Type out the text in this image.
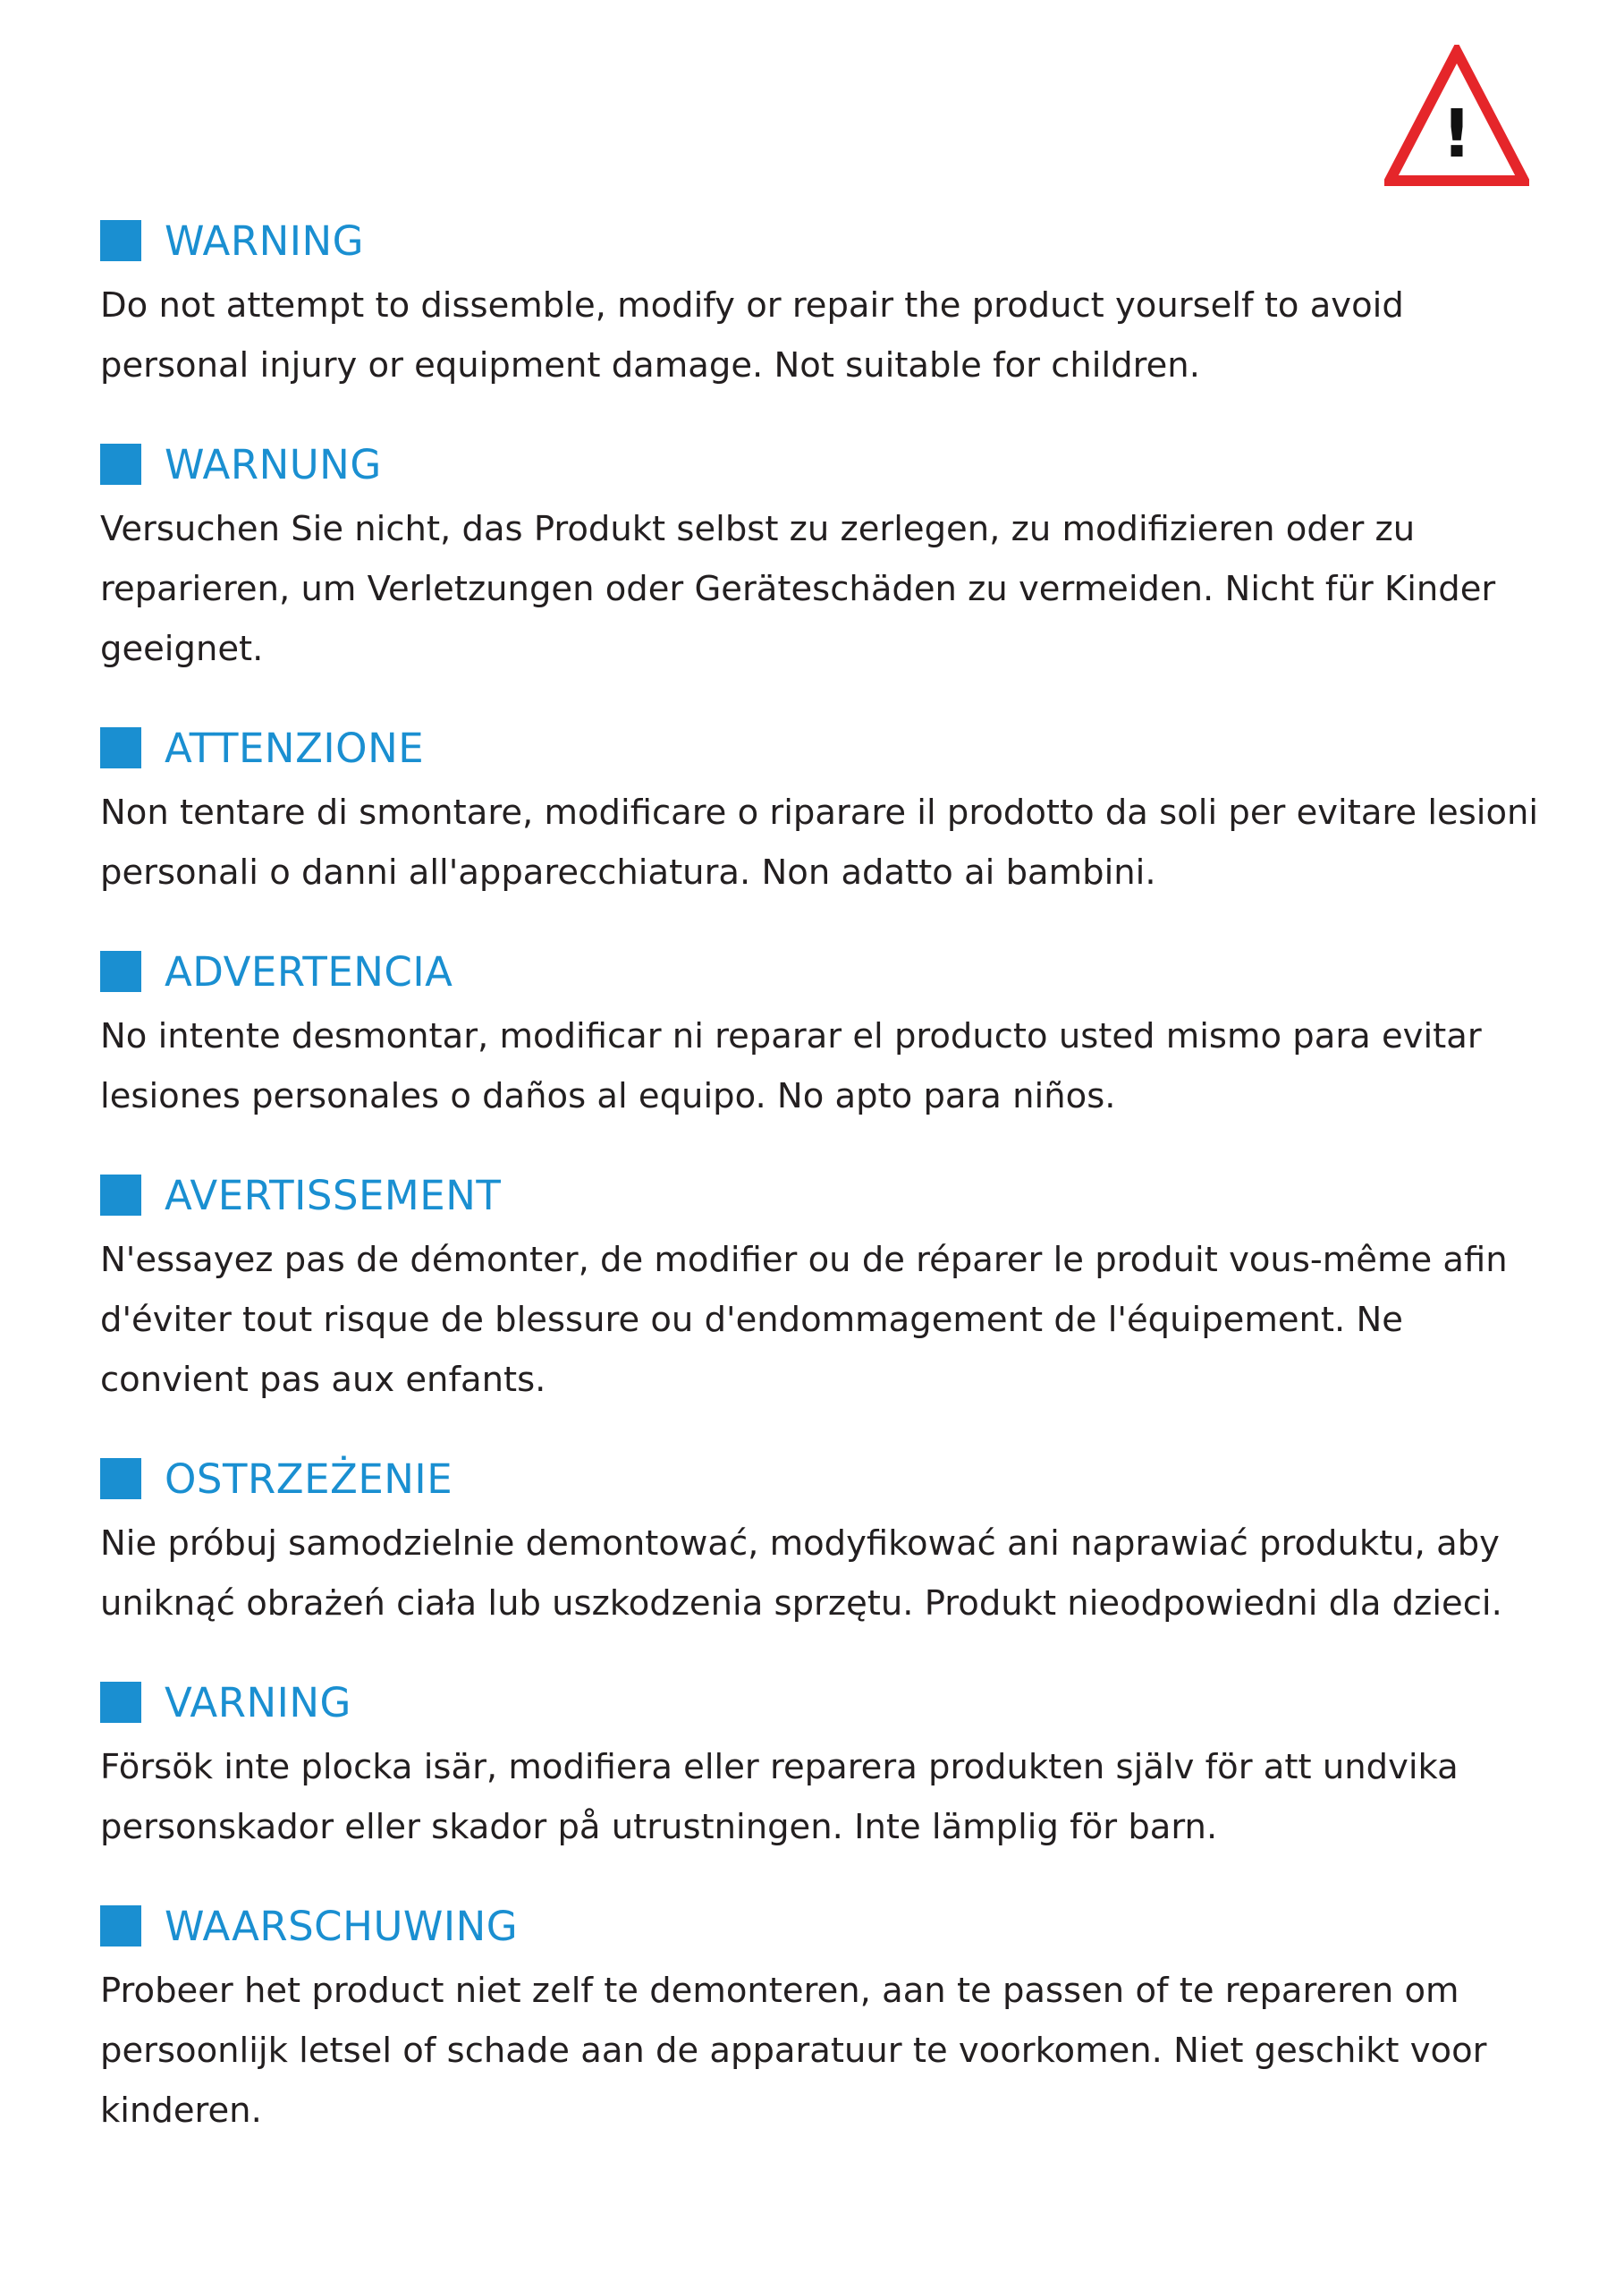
!
WARNING

Do not attempt to dissemble, modify or repair the product yourself to avoid personal injury or equipment damage. Not suitable for children.

WARNUNG

Versuchen Sie nicht, das Produkt selbst zu zerlegen, zu modifizieren oder zu reparieren, um Verletzungen oder Geräteschäden zu vermeiden. Nicht für Kinder geeignet.

ATTENZIONE

Non tentare di smontare, modificare o riparare il prodotto da soli per evitare lesioni personali o danni all'apparecchiatura. Non adatto ai bambini.

ADVERTENCIA

No intente desmontar, modificar ni reparar el producto usted mismo para evitar lesiones personales o daños al equipo. No apto para niños.

AVERTISSEMENT

N'essayez pas de démonter, de modifier ou de réparer le produit vous-même afin d'éviter tout risque de blessure ou d'endommagement de l'équipement. Ne convient pas aux enfants.

OSTRZEŻENIE

Nie próbuj samodzielnie demontować, modyfikować ani naprawiać produktu, aby uniknąć obrażeń ciała lub uszkodzenia sprzętu. Produkt nieodpowiedni dla dzieci.

VARNING

Försök inte plocka isär, modifiera eller reparera produkten själv för att undvika personskador eller skador på utrustningen. Inte lämplig för barn.

WAARSCHUWING

Probeer het product niet zelf te demonteren, aan te passen of te repareren om persoonlijk letsel of schade aan de apparatuur te voorkomen. Niet geschikt voor kinderen.
